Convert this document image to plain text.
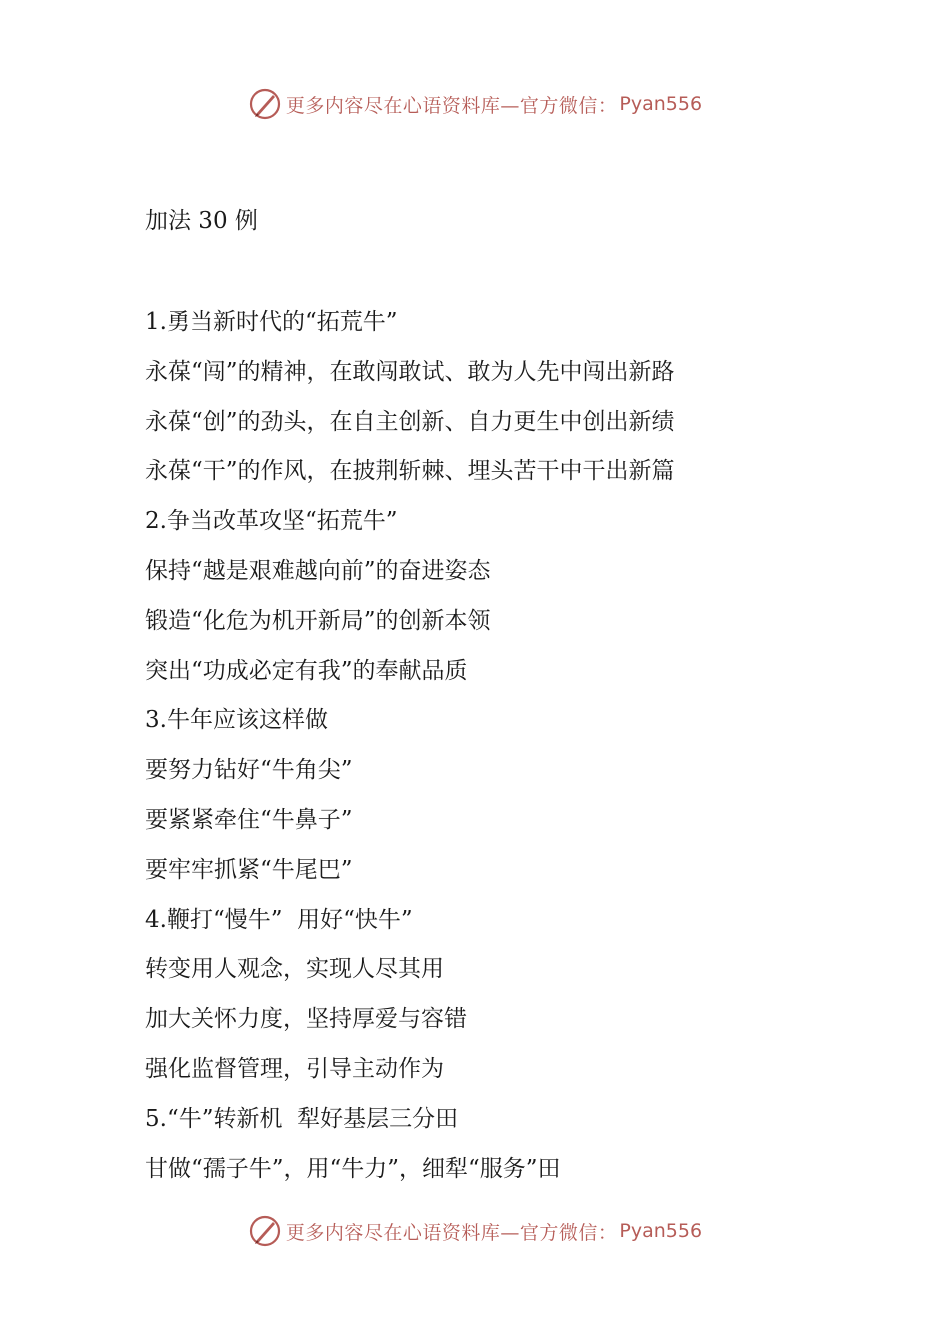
更多内容尽在心语资料库—官方微信： Pyan556
加法 30 例

1.勇当新时代的“拓荒牛”

永葆“闯”的精神，在敢闯敢试、敢为人先中闯出新路

永葆“创”的劲头，在自主创新、自力更生中创出新绩

永葆“干”的作风，在披荆斩棘、埋头苦干中干出新篇

2.争当改革攻坚“拓荒牛”

保持“越是艰难越向前”的奋进姿态

锻造“化危为机开新局”的创新本领

突出“功成必定有我”的奉献品质

3.牛年应该这样做

要努力钻好“牛角尖”

要紧紧牵住“牛鼻子”

要牢牢抓紧“牛尾巴”

4.鞭打“慢牛”  用好“快牛”

转变用人观念，实现人尽其用

加大关怀力度，坚持厚爱与容错

强化监督管理，引导主动作为

5.“牛”转新机  犁好基层三分田

甘做“孺子牛”，用“牛力”，细犁“服务”田

更多内容尽在心语资料库—官方微信： Pyan556
